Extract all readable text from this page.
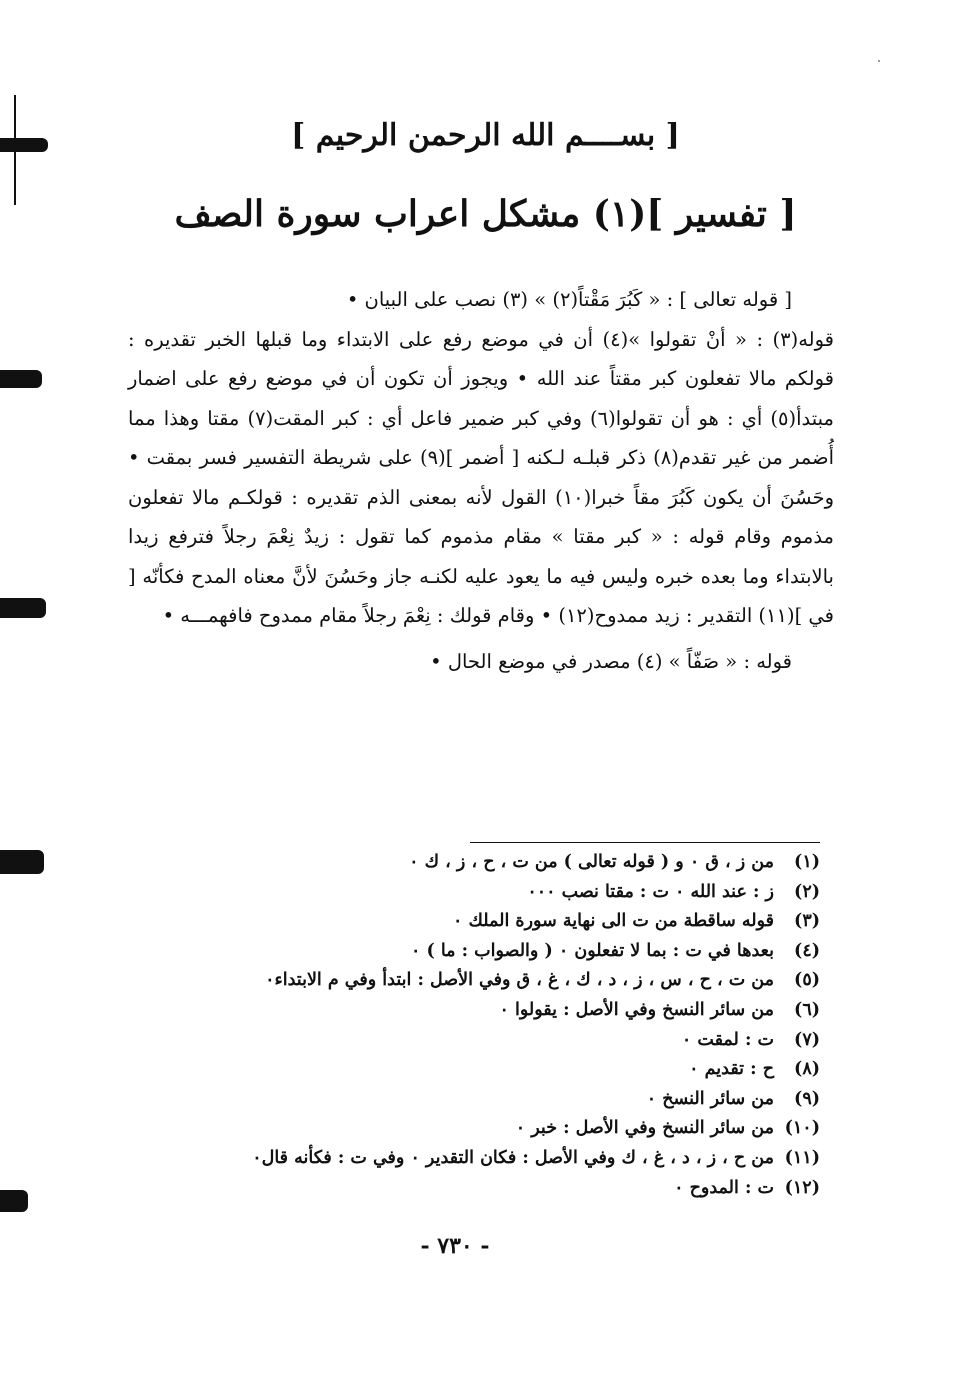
[ بســــم الله الرحمن الرحيم ]
[ تفسير ](١) مشكل اعراب سورة الصف

[ قوله تعالى ] : « كَبُرَ مَقْتاً(٢) » (٣) نصب على البيان •

قوله(٣) : « أنْ تقولوا »(٤) أن في موضع رفع على الابتداء وما قبلها الخبر تقديره : قولكم مالا تفعلون كبر مقتاً عند الله • ويجوز أن تكون أن في موضع رفع على اضمار مبتدأ(٥) أي : هو أن تقولوا(٦) وفي كبر ضمير فاعل أي : كبر المقت(٧) مقتا وهذا مما أُضمر من غير تقدم(٨) ذكر قبلـه لـكنه [ أضمر ](٩) على شريطة التفسير فسر بمقت • وحَسُنَ أن يكون كَبُرَ مقاً خبرا(١٠) القول لأنه بمعنى الذم تقديره : قولكـم مالا تفعلون مذموم وقام قوله : « كبر مقتا » مقام مذموم كما تقول : زيدٌ نِعْمَ رجلاً فترفع زيدا بالابتداء وما بعده خبره وليس فيه ما يعود عليه لكنـه جاز وحَسُنَ لأنَّ معناه المدح فكأنّه [ في ](١١) التقدير : زيد ممدوح(١٢) • وقام قولك : نِعْمَ رجلاً مقام ممدوح فافهمـــه •

قوله : « صَفّاً » (٤) مصدر في موضع الحال •

(١)
من ز ، ق ٠ و ( قوله تعالى ) من ت ، ح ، ز ، ك ٠
(٢)
ز : عند الله ٠ ت : مقتا نصب ٠٠٠
(٣)
قوله ساقطة من ت الى نهاية سورة الملك ٠
(٤)
بعدها في ت : بما لا تفعلون ٠ ( والصواب : ما ) ٠
(٥)
من ت ، ح ، س ، ز ، د ، ك ، غ ، ق وفي الأصل : ابتدأ وفي م الابتداء٠
(٦)
من سائر النسخ وفي الأصل : يقولوا ٠
(٧)
ت : لمقت ٠
(٨)
ح : تقديم ٠
(٩)
من سائر النسخ ٠
(١٠)
من سائر النسخ وفي الأصل : خبر ٠
(١١)
من ح ، ز ، د ، غ ، ك وفي الأصل : فكان التقدير ٠ وفي ت : فكأنه قال٠
(١٢)
ت : المدوح ٠
- ٧٣٠ -
